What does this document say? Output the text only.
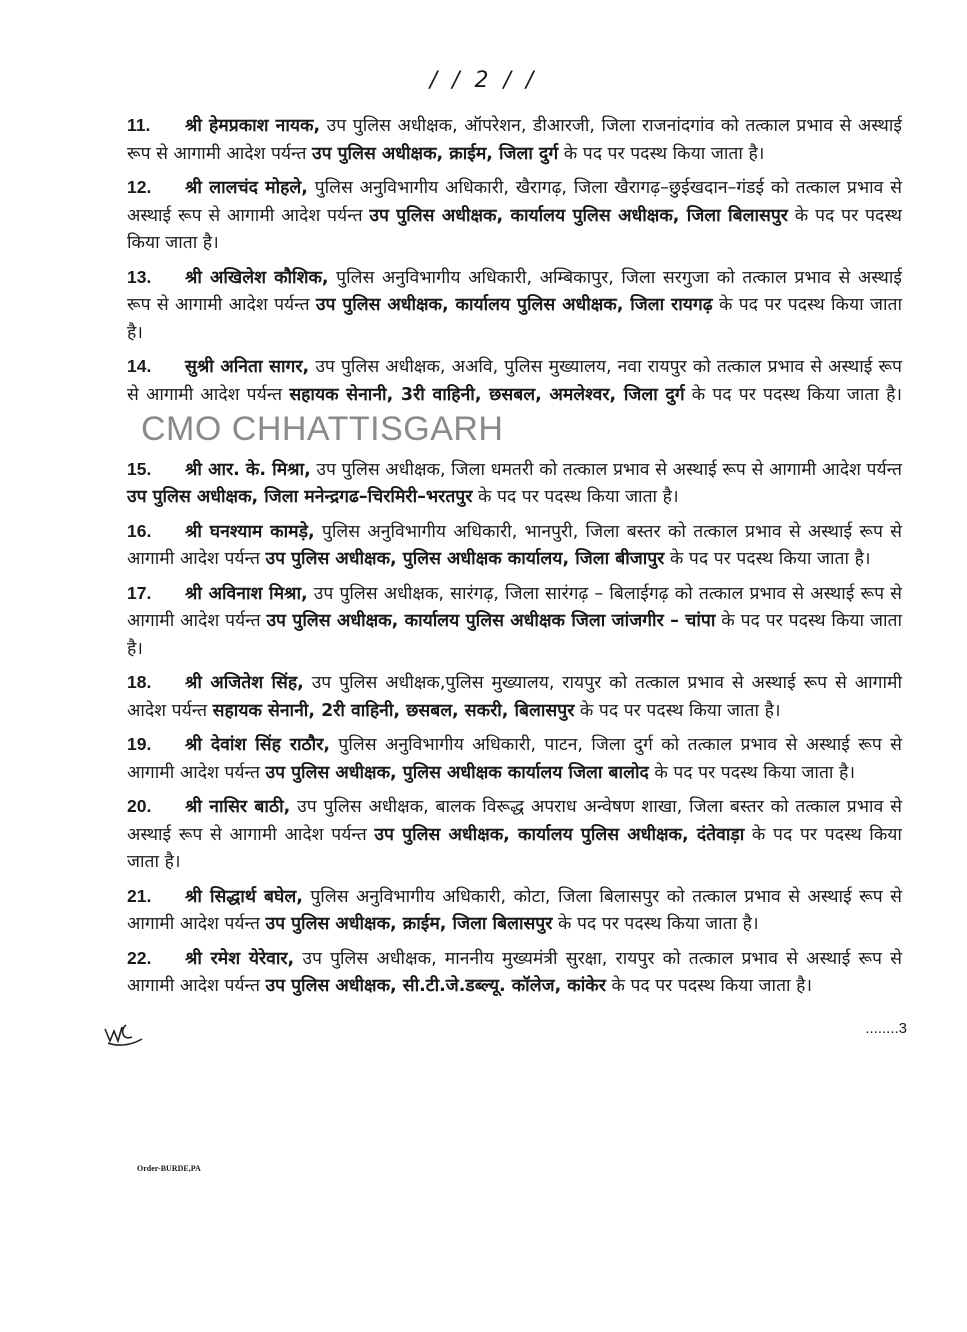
/ / 2 / /
11. श्री हेमप्रकाश नायक, उप पुलिस अधीक्षक, ऑपरेशन, डीआरजी, जिला राजनांदगांव को तत्काल प्रभाव से अस्थाई रूप से आगामी आदेश पर्यन्त उप पुलिस अधीक्षक, क्राईम, जिला दुर्ग के पद पर पदस्थ किया जाता है।
12. श्री लालचंद मोहले, पुलिस अनुविभागीय अधिकारी, खैरागढ़, जिला खैरागढ़–छुईखदान–गंडई को तत्काल प्रभाव से अस्थाई रूप से आगामी आदेश पर्यन्त उप पुलिस अधीक्षक, कार्यालय पुलिस अधीक्षक, जिला बिलासपुर के पद पर पदस्थ किया जाता है।
13. श्री अखिलेश कौशिक, पुलिस अनुविभागीय अधिकारी, अम्बिकापुर, जिला सरगुजा को तत्काल प्रभाव से अस्थाई रूप से आगामी आदेश पर्यन्त उप पुलिस अधीक्षक, कार्यालय पुलिस अधीक्षक, जिला रायगढ़ के पद पर पदस्थ किया जाता है।
14. सुश्री अनिता सागर, उप पुलिस अधीक्षक, अअवि, पुलिस मुख्यालय, नवा रायपुर को तत्काल प्रभाव से अस्थाई रूप से आगामी आदेश पर्यन्त सहायक सेनानी, 3री वाहिनी, छसबल, अमलेश्वर, जिला दुर्ग के पद पर पदस्थ किया जाता है।CMO CHHATTISGARH
15. श्री आर. के. मिश्रा, उप पुलिस अधीक्षक, जिला धमतरी को तत्काल प्रभाव से अस्थाई रूप से आगामी आदेश पर्यन्त उप पुलिस अधीक्षक, जिला मनेन्द्रगढ–चिरमिरी–भरतपुर के पद पर पदस्थ किया जाता है।
16. श्री घनश्याम कामड़े, पुलिस अनुविभागीय अधिकारी, भानपुरी, जिला बस्तर को तत्काल प्रभाव से अस्थाई रूप से आगामी आदेश पर्यन्त उप पुलिस अधीक्षक, पुलिस अधीक्षक कार्यालय, जिला बीजापुर के पद पर पदस्थ किया जाता है।
17. श्री अविनाश मिश्रा, उप पुलिस अधीक्षक, सारंगढ़, जिला सारंगढ़ – बिलाईगढ़ को तत्काल प्रभाव से अस्थाई रूप से आगामी आदेश पर्यन्त उप पुलिस अधीक्षक, कार्यालय पुलिस अधीक्षक जिला जांजगीर – चांपा के पद पर पदस्थ किया जाता है।
18. श्री अजितेश सिंह, उप पुलिस अधीक्षक,पुलिस मुख्यालय, रायपुर को तत्काल प्रभाव से अस्थाई रूप से आगामी आदेश पर्यन्त सहायक सेनानी, 2री वाहिनी, छसबल, सकरी, बिलासपुर के पद पर पदस्थ किया जाता है।
19. श्री देवांश सिंह राठौर, पुलिस अनुविभागीय अधिकारी, पाटन, जिला दुर्ग को तत्काल प्रभाव से अस्थाई रूप से आगामी आदेश पर्यन्त उप पुलिस अधीक्षक, पुलिस अधीक्षक कार्यालय जिला बालोद के पद पर पदस्थ किया जाता है।
20. श्री नासिर बाठी, उप पुलिस अधीक्षक, बालक विरूद्ध अपराध अन्वेषण शाखा, जिला बस्तर को तत्काल प्रभाव से अस्थाई रूप से आगामी आदेश पर्यन्त उप पुलिस अधीक्षक, कार्यालय पुलिस अधीक्षक, दंतेवाड़ा के पद पर पदस्थ किया जाता है।
21. श्री सिद्धार्थ बघेल, पुलिस अनुविभागीय अधिकारी, कोटा, जिला बिलासपुर को तत्काल प्रभाव से अस्थाई रूप से आगामी आदेश पर्यन्त उप पुलिस अधीक्षक, क्राईम, जिला बिलासपुर के पद पर पदस्थ किया जाता है।
22. श्री रमेश येरेवार, उप पुलिस अधीक्षक, माननीय मुख्यमंत्री सुरक्षा, रायपुर को तत्काल प्रभाव से अस्थाई रूप से आगामी आदेश पर्यन्त उप पुलिस अधीक्षक, सी.टी.जे.डब्ल्यू. कॉलेज, कांकेर के पद पर पदस्थ किया जाता है।
........3
Order-BURDE,PA
